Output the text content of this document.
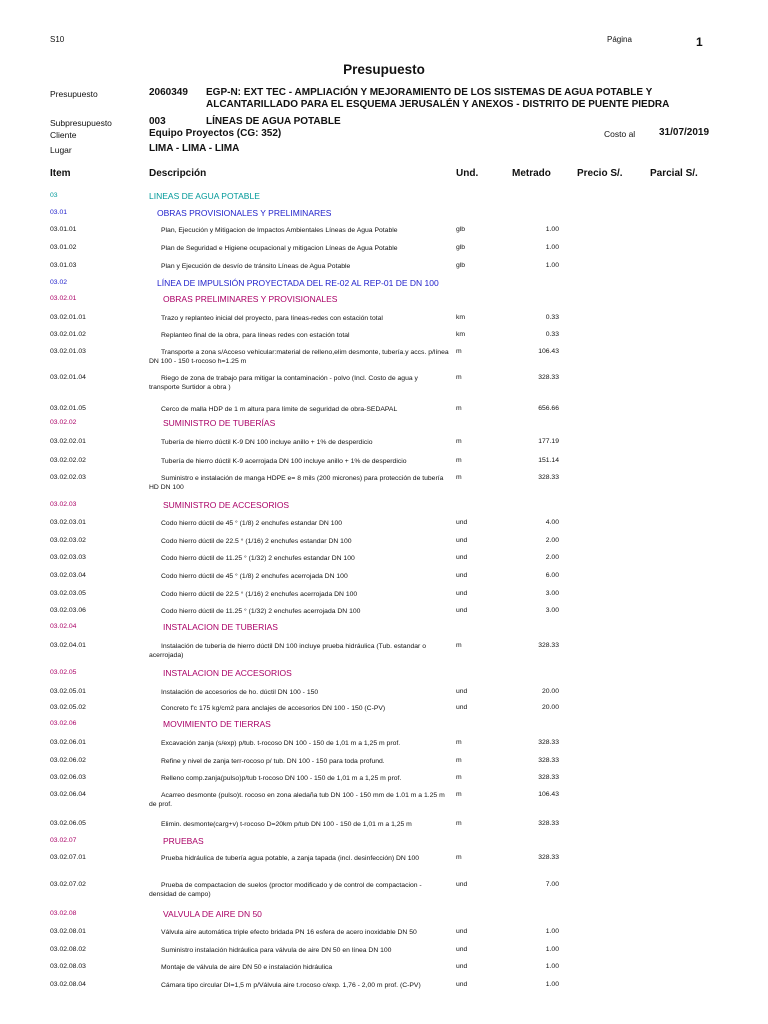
S10	Página	1
Presupuesto
Presupuesto	2060349 EGP-N: EXT TEC - AMPLIACIÓN Y MEJORAMIENTO DE LOS SISTEMAS DE AGUA POTABLE Y ALCANTARILLADO PARA EL ESQUEMA JERUSALÉN Y ANEXOS - DISTRITO DE PUENTE PIEDRA
Subpresupuesto	003	LÍNEAS DE AGUA POTABLE
Cliente	Equipo Proyectos (CG: 352)	Costo al 31/07/2019
Lugar	LIMA - LIMA - LIMA
Item	Descripción	Und.	Metrado	Precio S/.	Parcial S/.
03	LINEAS DE AGUA POTABLE
03.01	OBRAS PROVISIONALES Y PRELIMINARES
03.01.01	Plan, Ejecución y Mitigacion de Impactos Ambientales Líneas de Agua Potable	glb	1.00
03.01.02	Plan de Seguridad e Higiene ocupacional y mitigacion Líneas de Agua Potable	glb	1.00
03.01.03	Plan y Ejecución de desvío de tránsito Líneas de Agua Potable	glb	1.00
03.02	LÍNEA DE IMPULSIÓN PROYECTADA DEL RE-02 AL REP-01 DE DN 100
03.02.01	OBRAS PRELIMINARES Y PROVISIONALES
03.02.01.01	Trazo y replanteo inicial del proyecto, para líneas-redes con estación total	km	0.33
03.02.01.02	Replanteo final de la obra, para líneas redes con estación total	km	0.33
03.02.01.03	Transporte a zona s/Acceso vehicular:material de relleno,elim desmonte, tubería.y accs. p/línea DN 100 - 150 t-rocoso h=1.25 m
m	106.43
03.02.01.04	Riego de zona de trabajo para mitigar la contaminación - polvo (Incl. Costo de agua y transporte Surtidor a obra )
m	328.33
03.02.01.05	Cerco de malla HDP de 1 m altura para límite de seguridad de obra-SEDAPAL	m	656.66
03.02.02	SUMINISTRO DE TUBERÍAS
03.02.02.01	Tubería de hierro dúctil K-9 DN 100 incluye anillo + 1% de desperdicio	m	177.19
03.02.02.02	Tubería de hierro dúctil K-9 acerrojada DN 100 incluye anillo + 1% de desperdicio	m	151.14
03.02.02.03	Suministro e instalación de manga HDPE e= 8 mils (200 micrones) para protección de tubería HD DN 100
m	328.33
03.02.03	SUMINISTRO DE ACCESORIOS
03.02.03.01	Codo hierro dúctil de 45 ° (1/8) 2 enchufes estandar DN 100	und	4.00
03.02.03.02	Codo hierro dúctil de 22.5 ° (1/16) 2 enchufes estandar DN 100	und	2.00
03.02.03.03	Codo hierro dúctil de 11.25 ° (1/32) 2 enchufes estandar DN 100	und	2.00
03.02.03.04	Codo hierro dúctil de 45 ° (1/8) 2 enchufes acerrojada DN 100	und	6.00
03.02.03.05	Codo hierro dúctil de 22.5 ° (1/16) 2 enchufes acerrojada DN 100	und	3.00
03.02.03.06	Codo hierro dúctil de 11.25 ° (1/32) 2 enchufes acerrojada DN 100	und	3.00
03.02.04	INSTALACION DE TUBERIAS
03.02.04.01	Instalación de tubería de hierro dúctil DN 100 incluye prueba hidráulica (Tub. estandar o acerrojada)
m	328.33
03.02.05	INSTALACION DE ACCESORIOS
03.02.05.01	Instalación de accesorios de ho. dúctil DN 100 - 150	und	20.00
03.02.05.02	Concreto f'c 175 kg/cm2 para anclajes de accesorios DN 100 - 150 (C-PV)	und	20.00
03.02.06	MOVIMIENTO DE TIERRAS
03.02.06.01	Excavación zanja (s/exp) p/tub. t-rocoso DN 100 - 150 de 1,01 m a 1,25 m prof.	m	328.33
03.02.06.02	Refine y nivel de zanja terr-rocoso p/ tub. DN 100 - 150 para toda profund.	m	328.33
03.02.06.03	Relleno comp.zanja(pulso)p/tub t-rocoso DN 100 - 150 de 1,01 m a 1,25 m prof.	m	328.33
03.02.06.04	Acarreo desmonte (pulso)t. rocoso en zona aledaña tub DN 100 - 150 mm de 1.01 m a 1.25 m de prof.
m	106.43
03.02.06.05	Elimin. desmonte(carg+v) t-rocoso D=20km p/tub DN 100 - 150 de 1,01 m a 1,25 m	m	328.33
03.02.07	PRUEBAS
03.02.07.01	Prueba hidráulica de tubería agua potable, a zanja tapada (incl. desinfección) DN 100	m	328.33
03.02.07.02	Prueba de compactacion de suelos (proctor modificado y de control de compactacion - densidad de campo)
und	7.00
03.02.08	VALVULA DE AIRE DN 50
03.02.08.01	Válvula aire automática triple efecto bridada PN 16 esfera de acero inoxidable DN 50	und	1.00
03.02.08.02	Suministro instalación hidráulica para válvula de aire DN 50 en línea DN 100	und	1.00
03.02.08.03	Montaje de válvula de aire DN 50 e instalación hidráulica	und	1.00
03.02.08.04	Cámara tipo circular DI=1,5 m p/Válvula aire t.rocoso c/exp. 1,76 - 2,00 m prof. (C-PV)	und	1.00
